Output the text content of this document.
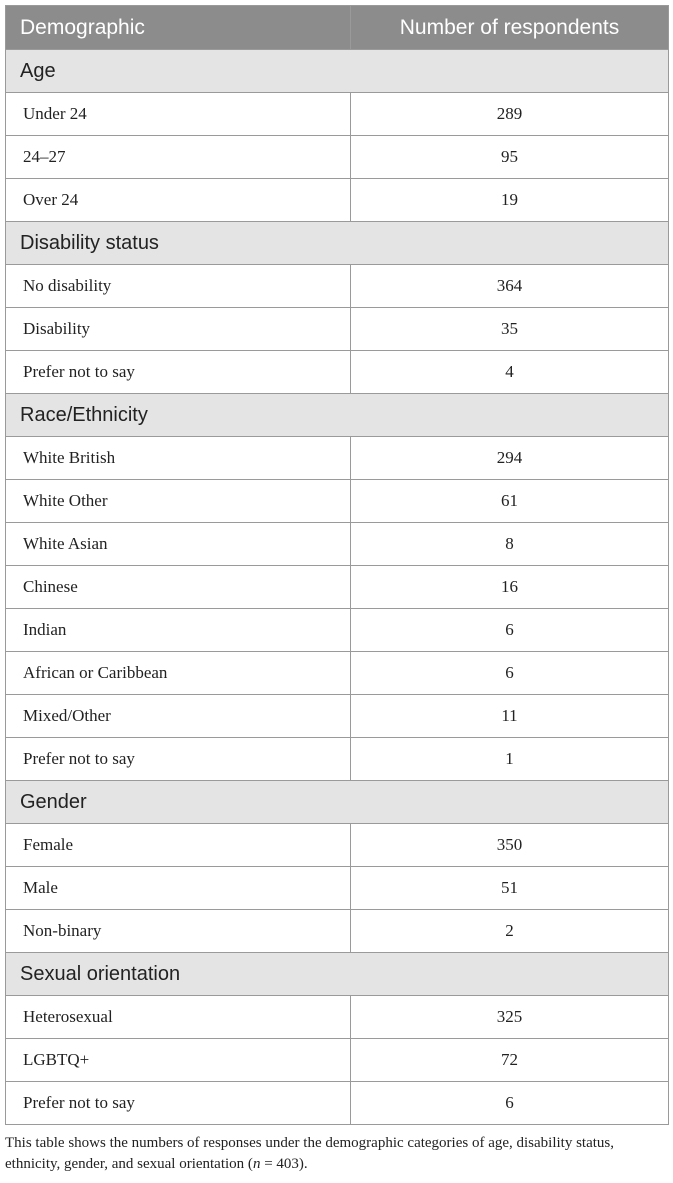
Demographic	Number of respondents
Age	
Under 24	289
24–27	95
Over 24	19
Disability status	
No disability	364
Disability	35
Prefer not to say	4
Race/Ethnicity	
White British	294
White Other	61
White Asian	8
Chinese	16
Indian	6
African or Caribbean	6
Mixed/Other	11
Prefer not to say	1
Gender	
Female	350
Male	51
Non-binary	2
Sexual orientation	
Heterosexual	325
LGBTQ+	72
Prefer not to say	6
This table shows the numbers of responses under the demographic categories of age, disability status, ethnicity, gender, and sexual orientation (n = 403).
